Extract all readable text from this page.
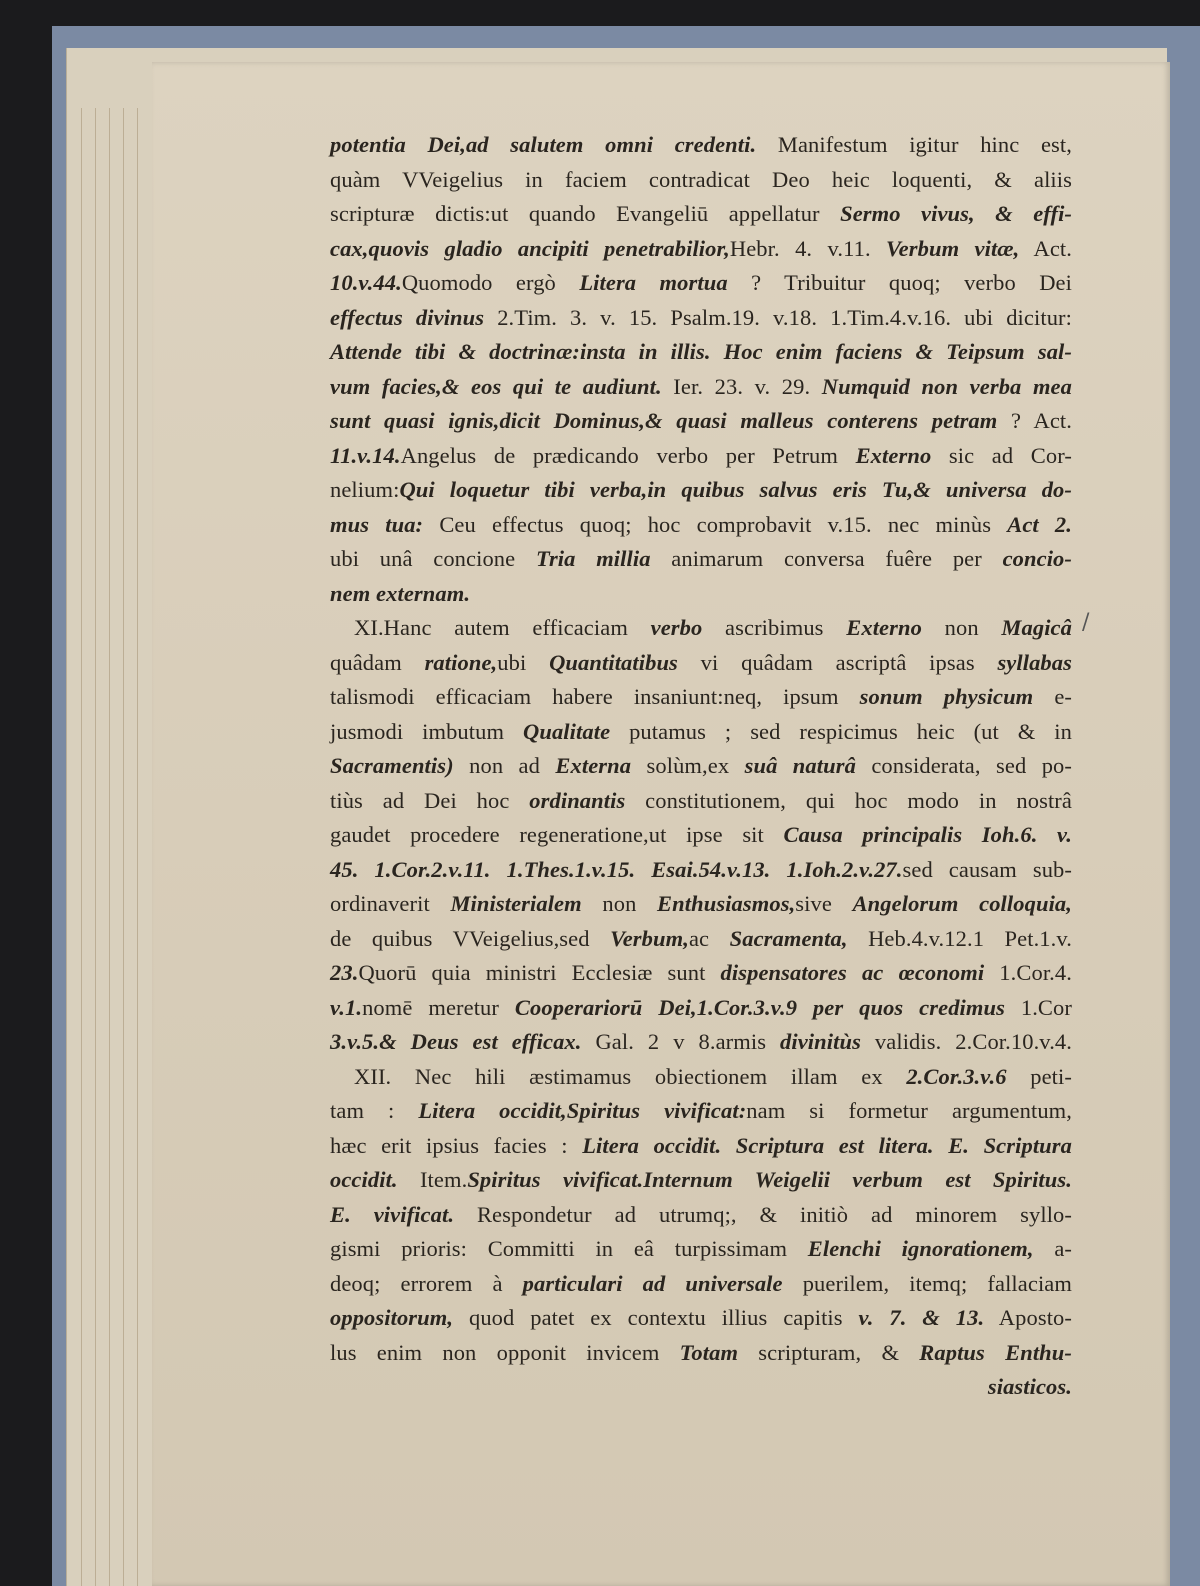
/
potentia Dei,ad salutem omni credenti. Manifestum igitur hinc est,
quàm VVeigelius in faciem contradicat Deo heic loquenti, & aliis
scripturæ dictis:ut quando Evangeliū appellatur Sermo vivus, & effi-
cax,quovis gladio ancipiti penetrabilior,Hebr. 4. v.11. Verbum vitæ, Act.
10.v.44.Quomodo ergò Litera mortua ? Tribuitur quoq; verbo Dei
effectus divinus 2.Tim. 3. v. 15. Psalm.19. v.18. 1.Tim.4.v.16. ubi dicitur:
Attende tibi & doctrinæ:insta in illis. Hoc enim faciens & Teipsum sal-
vum facies,& eos qui te audiunt. Ier. 23. v. 29. Numquid non verba mea
sunt quasi ignis,dicit Dominus,& quasi malleus conterens petram ? Act.
11.v.14.Angelus de prædicando verbo per Petrum Externo sic ad Cor-
nelium:Qui loquetur tibi verba,in quibus salvus eris Tu,& universa do-
mus tua: Ceu effectus quoq; hoc comprobavit v.15. nec minùs Act 2.
ubi unâ concione Tria millia animarum conversa fuêre per concio-
nem externam.
XI.Hanc autem efficaciam verbo ascribimus Externo non Magicâ
quâdam ratione,ubi Quantitatibus vi quâdam ascriptâ ipsas syllabas
talismodi efficaciam habere insaniunt:neq, ipsum sonum physicum e-
jusmodi imbutum Qualitate putamus ; sed respicimus heic (ut & in
Sacramentis) non ad Externa solùm,ex suâ naturâ considerata, sed po-
tiùs ad Dei hoc ordinantis constitutionem, qui hoc modo in nostrâ
gaudet procedere regeneratione,ut ipse sit Causa principalis Ioh.6. v.
45. 1.Cor.2.v.11. 1.Thes.1.v.15. Esai.54.v.13. 1.Ioh.2.v.27.sed causam sub-
ordinaverit Ministerialem non Enthusiasmos,sive Angelorum colloquia,
de quibus VVeigelius,sed Verbum,ac Sacramenta, Heb.4.v.12.1 Pet.1.v.
23.Quorū quia ministri Ecclesiæ sunt dispensatores ac œconomi 1.Cor.4.
v.1.nomē meretur Cooperariorū Dei,1.Cor.3.v.9 per quos credimus 1.Cor
3.v.5.& Deus est efficax. Gal. 2 v 8.armis divinitùs validis. 2.Cor.10.v.4.
XII. Nec hili æstimamus obiectionem illam ex 2.Cor.3.v.6 peti-
tam : Litera occidit,Spiritus vivificat:nam si formetur argumentum,
hæc erit ipsius facies : Litera occidit. Scriptura est litera. E. Scriptura
occidit. Item.Spiritus vivificat.Internum Weigelii verbum est Spiritus.
E. vivificat. Respondetur ad utrumq;, & initiò ad minorem syllo-
gismi prioris: Committi in eâ turpissimam Elenchi ignorationem, a-
deoq; errorem à particulari ad universale puerilem, itemq; fallaciam
oppositorum, quod patet ex contextu illius capitis v. 7. & 13. Aposto-
lus enim non opponit invicem Totam scripturam, & Raptus Enthu-
siasticos.
